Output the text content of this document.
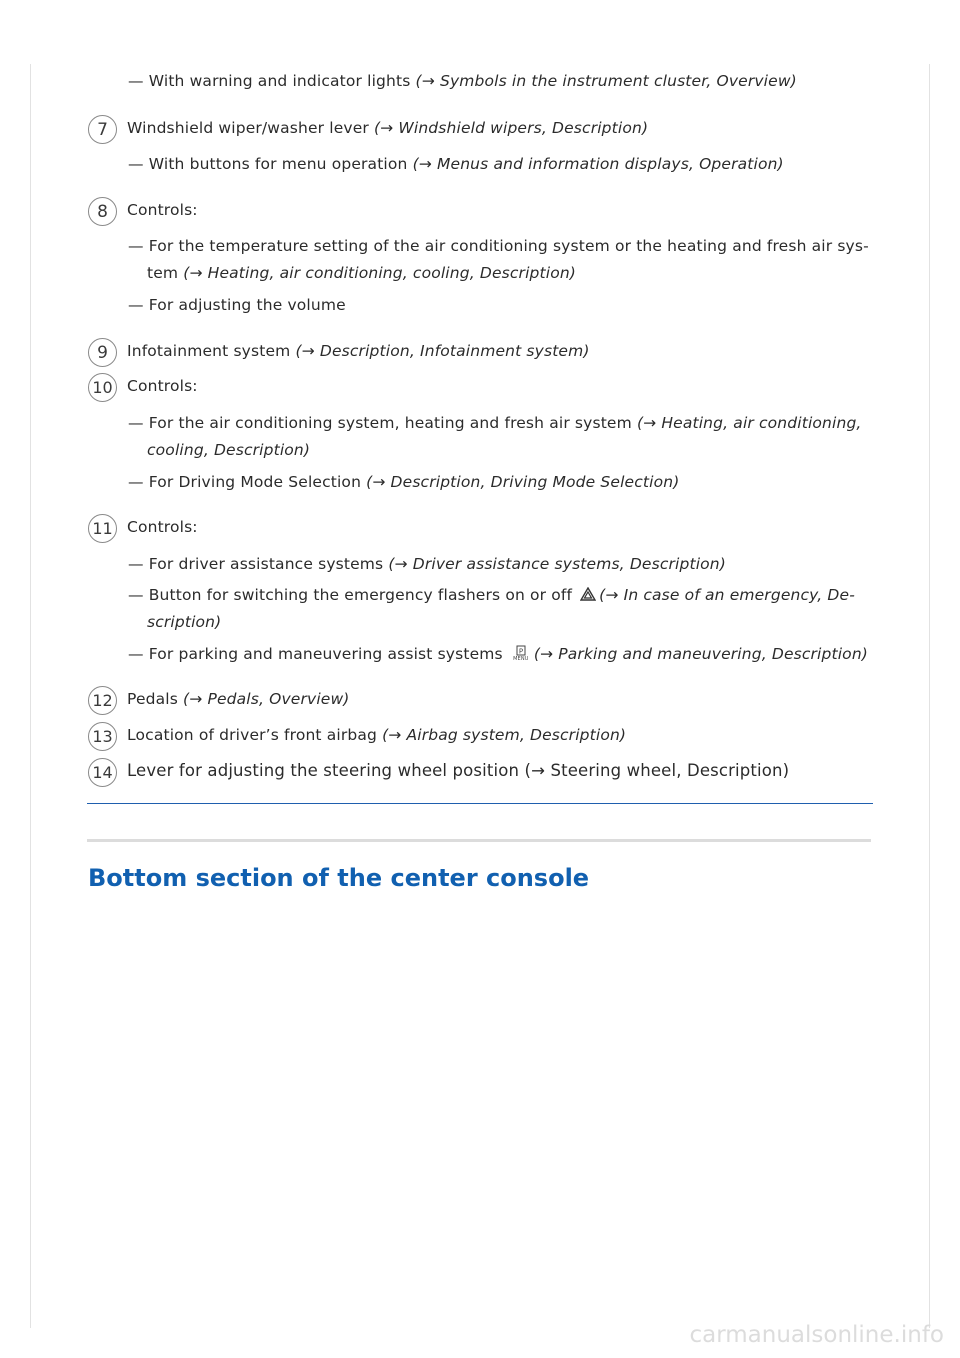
— With warning and indicator lights (→ Symbols in the instrument cluster, Overview)
7	Windshield wiper/washer lever (→ Windshield wipers, Description)
— With buttons for menu operation (→ Menus and information displays, Operation)
8	Controls:
— For the temperature setting of the air conditioning system or the heating and fresh air sys-
tem (→ Heating, air conditioning, cooling, Description)
— For adjusting the volume
9	Infotainment system (→ Description, Infotainment system)
10 Controls:
— For the air conditioning system, heating and fresh air system (→ Heating, air conditioning,
cooling, Description)
— For Driving Mode Selection (→ Description, Driving Mode Selection)
11 Controls:
— For driver assistance systems (→ Driver assistance systems, Description)
— Button for switching the emergency flashers on or off (→ In case of an emergency, De-
scription)
— For parking and maneuvering assist systems P
MENU (→ Parking and maneuvering, Description)
12 Pedals (→ Pedals, Overview)
13 Location of driver’s front airbag (→ Airbag system, Description)
14 Lever for adjusting the steering wheel position (→ Steering wheel, Description)
Bottom section of the center console
carmanualsonline.info
